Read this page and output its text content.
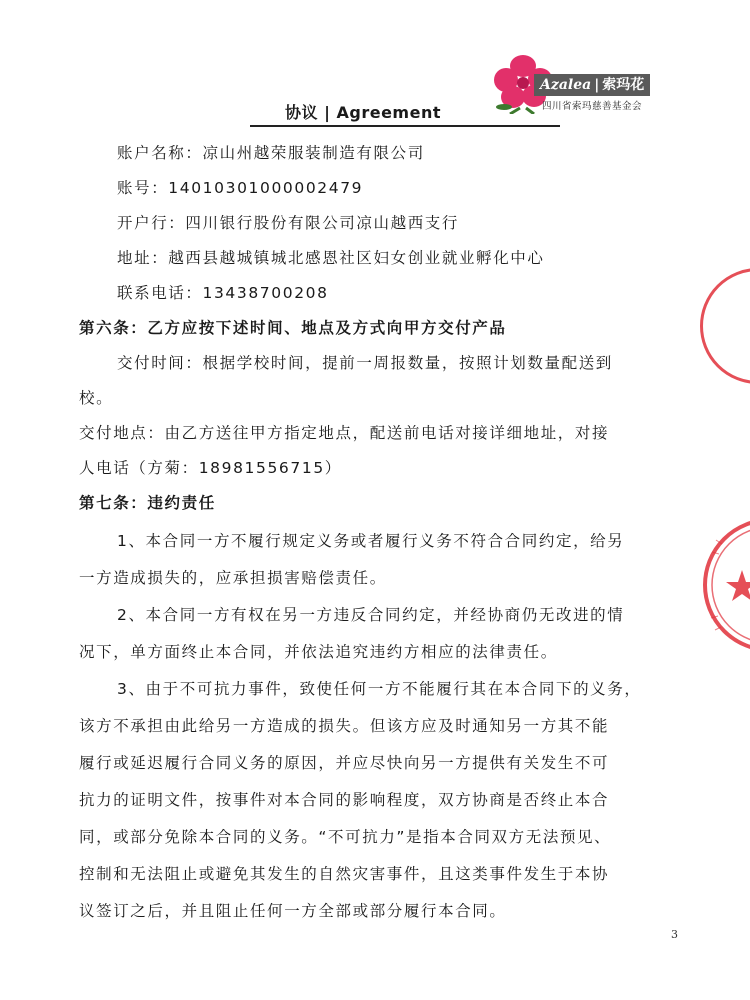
Azalea | 索玛花
四川省索玛慈善基金会
协议 | Agreement
账户名称：凉山州越荣服装制造有限公司
账号：14010301000002479
开户行：四川银行股份有限公司凉山越西支行
地址：越西县越城镇城北感恩社区妇女创业就业孵化中心
联系电话：13438700208
第六条：乙方应按下述时间、地点及方式向甲方交付产品
交付时间：根据学校时间，提前一周报数量，按照计划数量配送到
校。
交付地点：由乙方送往甲方指定地点，配送前电话对接详细地址，对接
人电话（方菊：18981556715）
第七条：违约责任
1、本合同一方不履行规定义务或者履行义务不符合合同约定，给另
一方造成损失的，应承担损害赔偿责任。
2、本合同一方有权在另一方违反合同约定，并经协商仍无改进的情
况下，单方面终止本合同，并依法追究违约方相应的法律责任。
3、由于不可抗力事件，致使任何一方不能履行其在本合同下的义务，
该方不承担由此给另一方造成的损失。但该方应及时通知另一方其不能
履行或延迟履行合同义务的原因，并应尽快向另一方提供有关发生不可
抗力的证明文件，按事件对本合同的影响程度，双方协商是否终止本合
同，或部分免除本合同的义务。“不可抗力”是指本合同双方无法预见、
控制和无法阻止或避免其发生的自然灾害事件，且这类事件发生于本协
议签订之后，并且阻止任何一方全部或部分履行本合同。
3
